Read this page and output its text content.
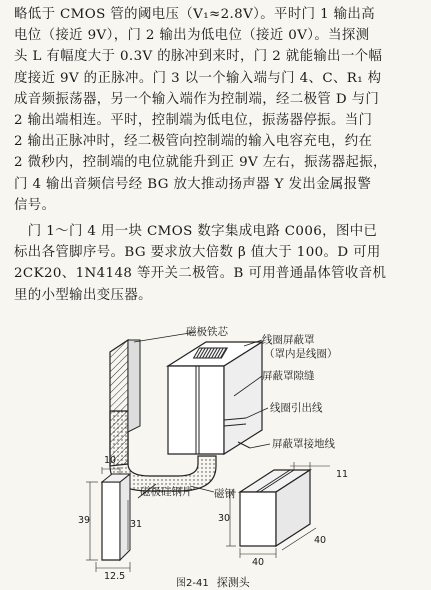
略低于 CMOS 管的阈电压（V₁≈2.8V）。平时门 1 输出高
电位（接近 9V），门 2 输出为低电位（接近 0V）。当探测
头 L 有幅度大于 0.3V 的脉冲到来时，门 2 就能输出一个幅
度接近 9V 的正脉冲。门 3 以一个输入端与门 4、C、R₁ 构
成音频振荡器，另一个输入端作为控制端，经二极管 D 与门
2 输出端相连。平时，控制端为低电位，振荡器停振。当门
2 输出正脉冲时，经二极管向控制端的输入电容充电，约在
2 微秒内，控制端的电位就能升到正 9V 左右，振荡器起振，
门 4 输出音频信号经 BG 放大推动扬声器 Y 发出金属报警
信号。
　门 1～门 4 用一块 CMOS 数字集成电路 C006，图中已
标出各管脚序号。BG 要求放大倍数 β 值大于 100。D 可用
2CK20、1N4148 等开关二极管。B 可用普通晶体管收音机
里的小型输出变压器。
磁极铁芯
线圈屏蔽罩
（罩内是线圈）
屏蔽罩隙缝
线圈引出线
屏蔽罩接地线
磁钢
磁极硅钢片
10
39	31
12.5
11
30
40
40
图2-41 探测头
